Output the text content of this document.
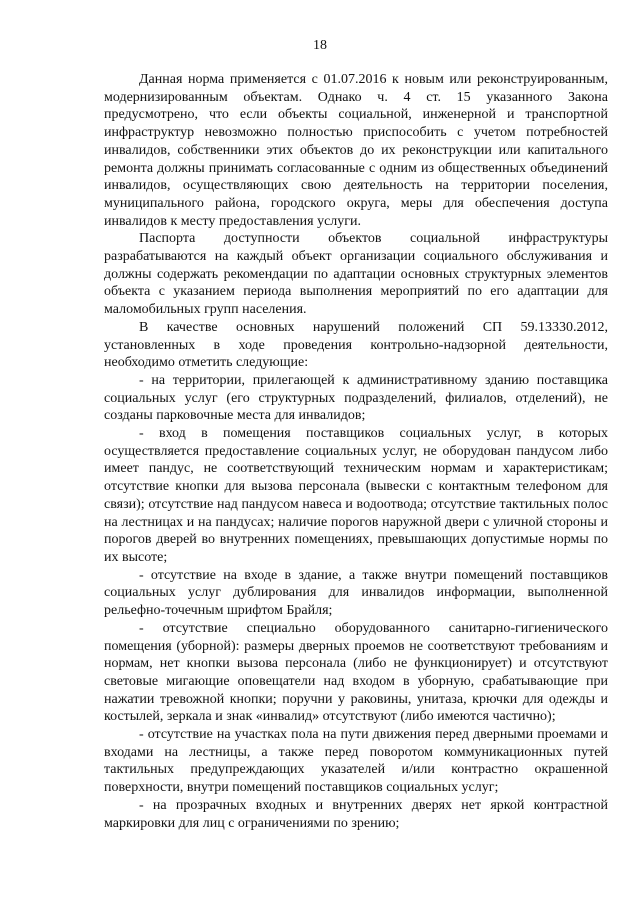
18

Данная норма применяется с 01.07.2016 к новым или реконструированным, модернизированным объектам. Однако ч. 4 ст. 15 указанного Закона предусмотрено, что если объекты социальной, инженерной и транспортной инфраструктур невозможно полностью приспособить с учетом потребностей инвалидов, собственники этих объектов до их реконструкции или капитального ремонта должны принимать согласованные с одним из общественных объединений инвалидов, осуществляющих свою деятельность на территории поселения, муниципального района, городского округа, меры для обеспечения доступа инвалидов к месту предоставления услуги.

Паспорта доступности объектов социальной инфраструктуры разрабатываются на каждый объект организации социального обслуживания и должны содержать рекомендации по адаптации основных структурных элементов объекта с указанием периода выполнения мероприятий по его адаптации для маломобильных групп населения.

В качестве основных нарушений положений СП 59.13330.2012, установленных в ходе проведения контрольно-надзорной деятельности, необходимо отметить следующие:

- на территории, прилегающей к административному зданию поставщика социальных услуг (его структурных подразделений, филиалов, отделений), не созданы парковочные места для инвалидов;

- вход в помещения поставщиков социальных услуг, в которых осуществляется предоставление социальных услуг, не оборудован пандусом либо имеет пандус, не соответствующий техническим нормам и характеристикам; отсутствие кнопки для вызова персонала (вывески с контактным телефоном для связи); отсутствие над пандусом навеса и водоотвода; отсутствие тактильных полос на лестницах и на пандусах; наличие порогов наружной двери с уличной стороны и порогов дверей во внутренних помещениях, превышающих допустимые нормы по их высоте;

- отсутствие на входе в здание, а также внутри помещений поставщиков социальных услуг дублирования для инвалидов информации, выполненной рельефно-точечным шрифтом Брайля;

- отсутствие специально оборудованного санитарно-гигиенического помещения (уборной): размеры дверных проемов не соответствуют требованиям и нормам, нет кнопки вызова персонала (либо не функционирует) и отсутствуют световые мигающие оповещатели над входом в уборную, срабатывающие при нажатии тревожной кнопки; поручни у раковины, унитаза, крючки для одежды и костылей, зеркала и знак «инвалид» отсутствуют (либо имеются частично);

- отсутствие на участках пола на пути движения перед дверными проемами и входами на лестницы, а также перед поворотом коммуникационных путей тактильных предупреждающих указателей и/или контрастно окрашенной поверхности, внутри помещений поставщиков социальных услуг;

- на прозрачных входных и внутренних дверях нет яркой контрастной маркировки для лиц с ограничениями по зрению;
